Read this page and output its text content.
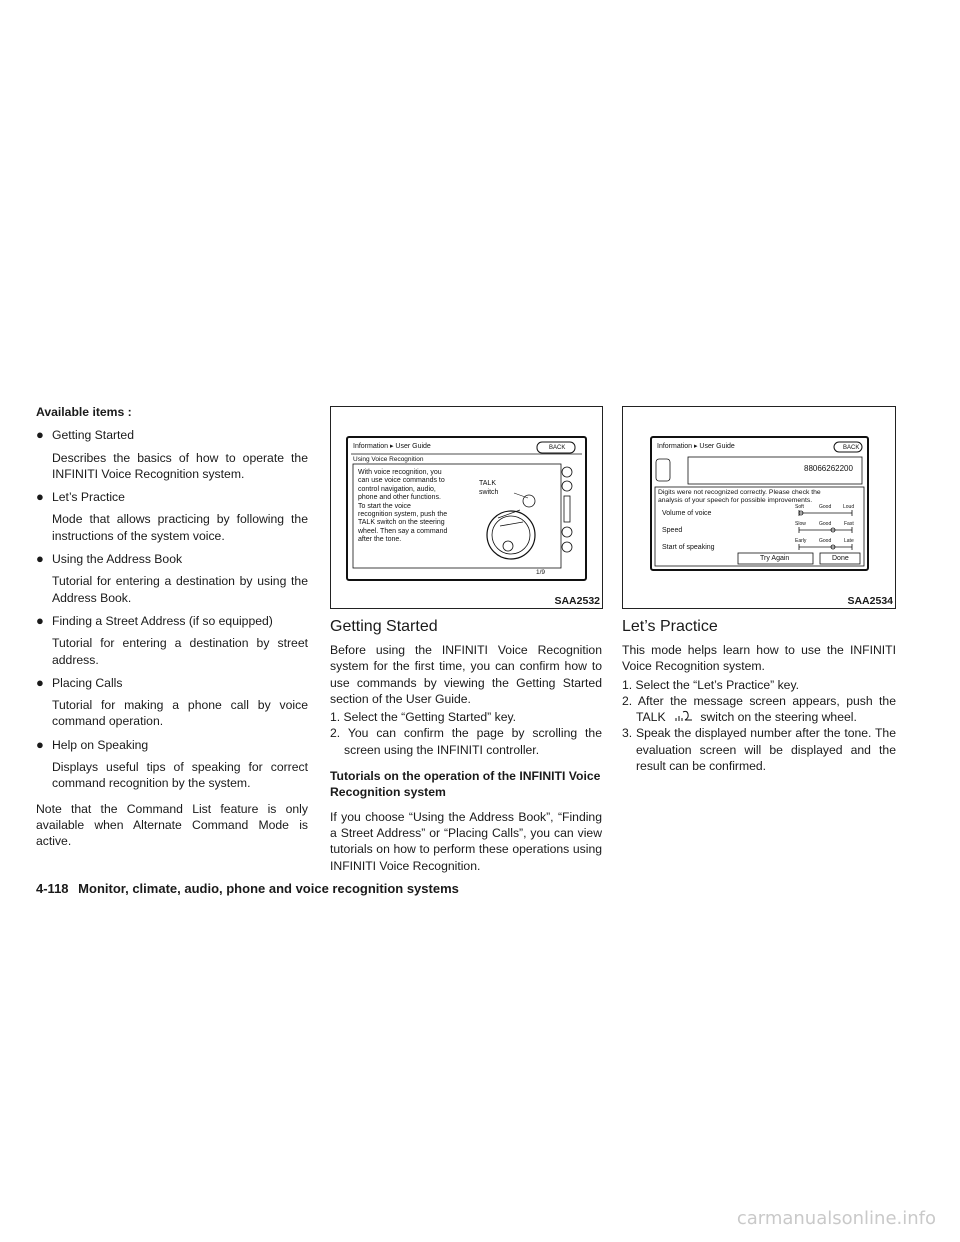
Available items :

● Getting Started

Describes the basics of how to operate the INFINITI Voice Recognition system.

● Let’s Practice

Mode that allows practicing by following the instructions of the system voice.

● Using the Address Book

Tutorial for entering a destination by using the Address Book.

● Finding a Street Address (if so equipped)

Tutorial for entering a destination by street address.

● Placing Calls

Tutorial for making a phone call by voice command operation.

● Help on Speaking

Displays useful tips of speaking for correct command recognition by the system.

Note that the Command List feature is only available when Alternate Command Mode is active.

Information ▸ User Guide	BACK
Using Voice Recognition
With voice recognition, you
can use voice commands to
control navigation, audio,
phone and other functions.
To start the voice
recognition system, push the
TALK switch on the steering
wheel. Then say a command
after the tone.
TALK
switch
1/9
SAA2532
Information ▸ User Guide	BACK
88066262200
Digits were not recognized correctly. Please check the
analysis of your speech for possible improvements.
Volume of voice
Soft	Good Loud
Speed
Slow	Good	Fast
Start of speaking
Early	Good	Late
Try Again	Done
SAA2534
Getting Started

Before using the INFINITI Voice Recognition system for the first time, you can confirm how to use commands by viewing the Getting Started section of the User Guide.

1. Select the “Getting Started” key.
2. You can confirm the page by scrolling the screen using the INFINITI controller.

Tutorials on the operation of the INFINITI Voice Recognition system

If you choose “Using the Address Book”, “Finding a Street Address” or “Placing Calls”, you can view tutorials on how to perform these operations using INFINITI Voice Recognition.

Let’s Practice

This mode helps learn how to use the INFINITI Voice Recognition system.

1. Select the “Let’s Practice” key.
2. After the message screen appears, push the TALK	switch on the steering wheel.
3. Speak the displayed number after the tone. The evaluation screen will be displayed and the result can be confirmed.
4-118 Monitor, climate, audio, phone and voice recognition systems
carmanualsonline.info
